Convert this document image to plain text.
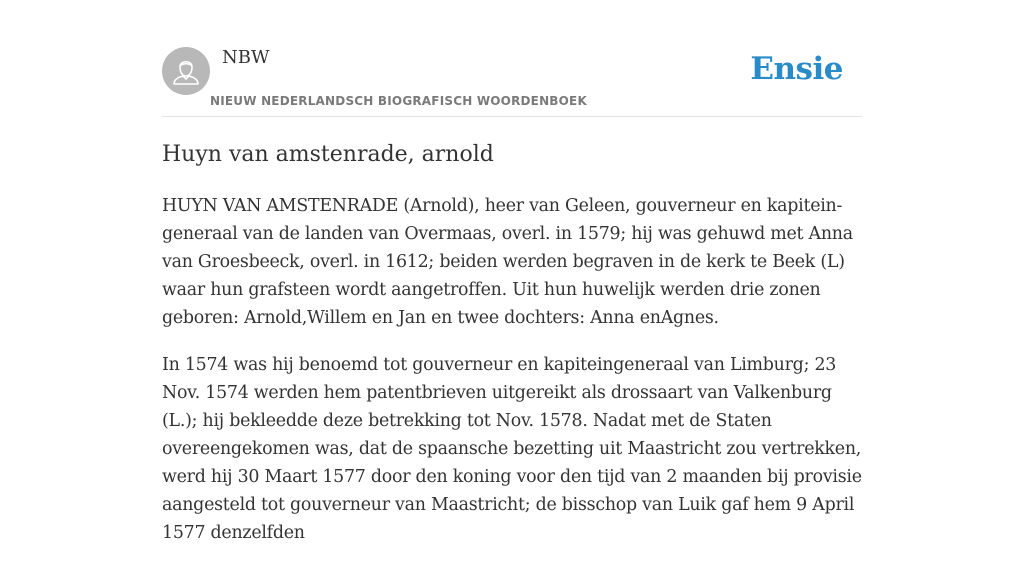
NBW
NIEUW NEDERLANDSCH BIOGRAFISCH WOORDENBOEK
Ensie
Huyn van amstenrade, arnold

HUYN VAN AMSTENRADE (Arnold), heer van Geleen, gouverneur en kapitein-generaal van de landen van Overmaas, overl. in 1579; hij was gehuwd met Anna van Groesbeeck, overl. in 1612; beiden werden begraven in de kerk te Beek (L) waar hun grafsteen wordt aangetroffen. Uit hun huwelijk werden drie zonen geboren: Arnold,Willem en Jan en twee dochters: Anna enAgnes.

In 1574 was hij benoemd tot gouverneur en kapiteingeneraal van Limburg; 23 Nov. 1574 werden hem patentbrieven uitgereikt als drossaart van Valkenburg (L.); hij bekleedde deze betrekking tot Nov. 1578. Nadat met de Staten overeengekomen was, dat de spaansche bezetting uit Maastricht zou vertrekken, werd hij 30 Maart 1577 door den koning voor den tijd van 2 maanden bij provisie aangesteld tot gouverneur van Maastricht; de bisschop van Luik gaf hem 9 April 1577 denzelfden
